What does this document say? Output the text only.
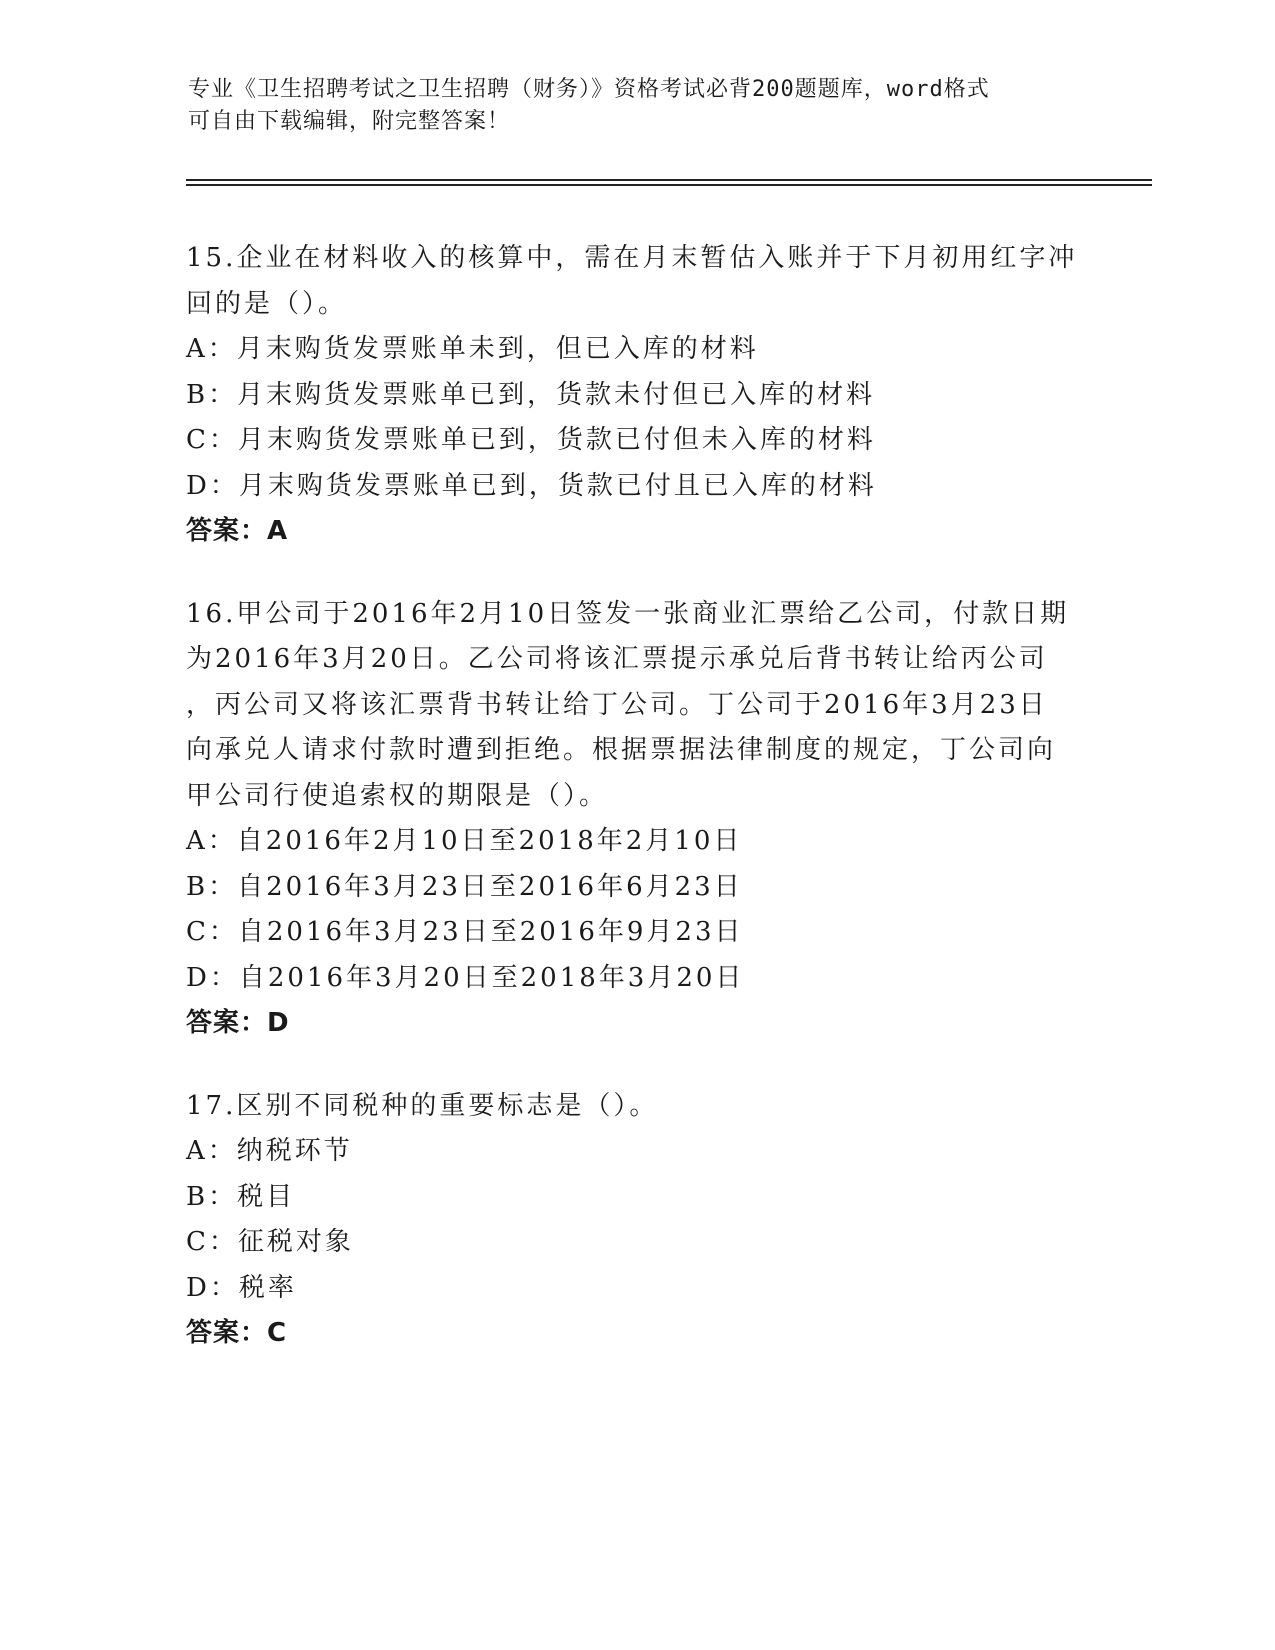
专业《卫生招聘考试之卫生招聘（财务）》资格考试必背200题题库，word格式
可自由下载编辑，附完整答案！
15.企业在材料收入的核算中，需在月末暂估入账并于下月初用红字冲
回的是（）。
A：月末购货发票账单未到，但已入库的材料
B：月末购货发票账单已到，货款未付但已入库的材料
C：月末购货发票账单已到，货款已付但未入库的材料
D：月末购货发票账单已到，货款已付且已入库的材料
答案：A
16.甲公司于2016年2月10日签发一张商业汇票给乙公司，付款日期
为2016年3月20日。乙公司将该汇票提示承兑后背书转让给丙公司
，丙公司又将该汇票背书转让给丁公司。丁公司于2016年3月23日
向承兑人请求付款时遭到拒绝。根据票据法律制度的规定，丁公司向
甲公司行使追索权的期限是（）。
A：自2016年2月10日至2018年2月10日
B：自2016年3月23日至2016年6月23日
C：自2016年3月23日至2016年9月23日
D：自2016年3月20日至2018年3月20日
答案：D
17.区别不同税种的重要标志是（）。
A：纳税环节
B：税目
C：征税对象
D：税率
答案：C
